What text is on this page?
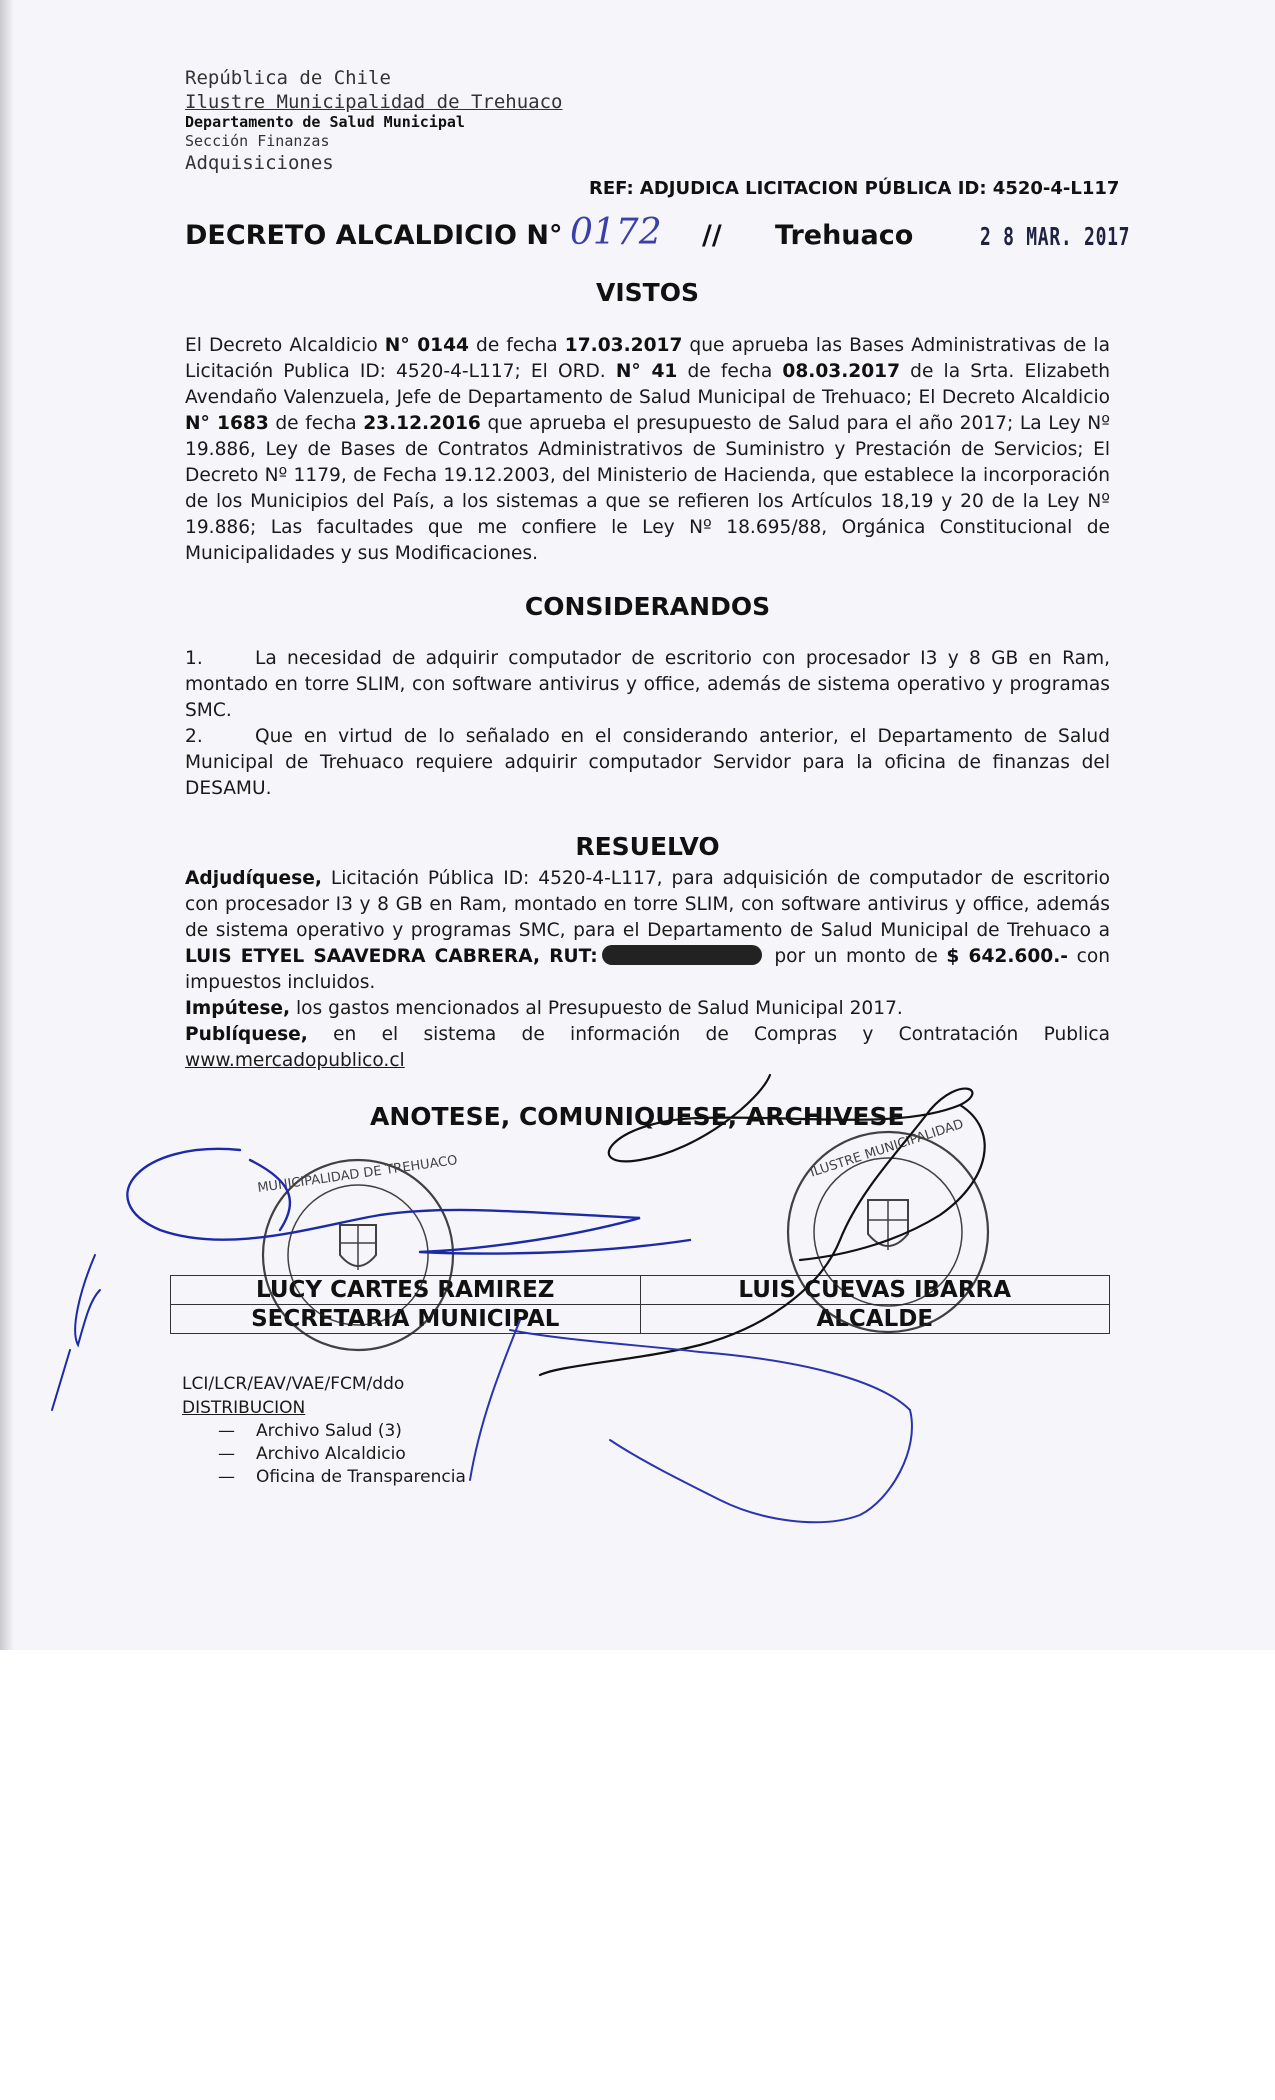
República de Chile
Ilustre Municipalidad de Trehuaco
Departamento de Salud Municipal
Sección Finanzas
Adquisiciones
REF: ADJUDICA LICITACION PÚBLICA ID: 4520-4-L117
DECRETO ALCALDICIO N° 0172 // Trehuaco	2 8 MAR. 2017
VISTOS
El Decreto Alcaldicio N° 0144 de fecha 17.03.2017 que aprueba las Bases Administrativas de la Licitación Publica ID: 4520-4-L117; El ORD. N° 41 de fecha 08.03.2017 de la Srta. Elizabeth Avendaño Valenzuela, Jefe de Departamento de Salud Municipal de Trehuaco; El Decreto Alcaldicio N° 1683 de fecha 23.12.2016 que aprueba el presupuesto de Salud para el año 2017; La Ley Nº 19.886, Ley de Bases de Contratos Administrativos de Suministro y Prestación de Servicios; El Decreto Nº 1179, de Fecha 19.12.2003, del Ministerio de Hacienda, que establece la incorporación de los Municipios del País, a los sistemas a que se refieren los Artículos 18,19 y 20 de la Ley Nº 19.886; Las facultades que me confiere le Ley Nº 18.695/88, Orgánica Constitucional de Municipalidades y sus Modificaciones.
CONSIDERANDOS
1.	La necesidad de adquirir computador de escritorio con procesador I3 y 8 GB en Ram, montado en torre SLIM, con software antivirus y office, además de sistema operativo y programas SMC.
2.	Que en virtud de lo señalado en el considerando anterior, el Departamento de Salud Municipal de Trehuaco requiere adquirir computador Servidor para la oficina de finanzas del DESAMU.
RESUELVO
Adjudíquese, Licitación Pública ID: 4520-4-L117, para adquisición de computador de escritorio con procesador I3 y 8 GB en Ram, montado en torre SLIM, con software antivirus y office, además de sistema operativo y programas SMC, para el Departamento de Salud Municipal de Trehuaco a LUIS ETYEL SAAVEDRA CABRERA, RUT:	por un monto de $ 642.600.- con impuestos incluidos.
Impútese, los gastos mencionados al Presupuesto de Salud Municipal 2017.
Publíquese, en el sistema de información de Compras y Contratación Publica www.mercadopublico.cl
ANOTESE, COMUNIQUESE, ARCHIVESE
LUCY CARTES RAMIREZ	LUIS CUEVAS IBARRA
SECRETARIA MUNICIPAL	ALCALDE
LCI/LCR/EAV/VAE/FCM/ddo
DISTRIBUCION
— Archivo Salud (3)
— Archivo Alcaldicio
— Oficina de Transparencia
MUNICIPALIDAD DE TREHUACO	ILUSTRE MUNICIPALIDAD
